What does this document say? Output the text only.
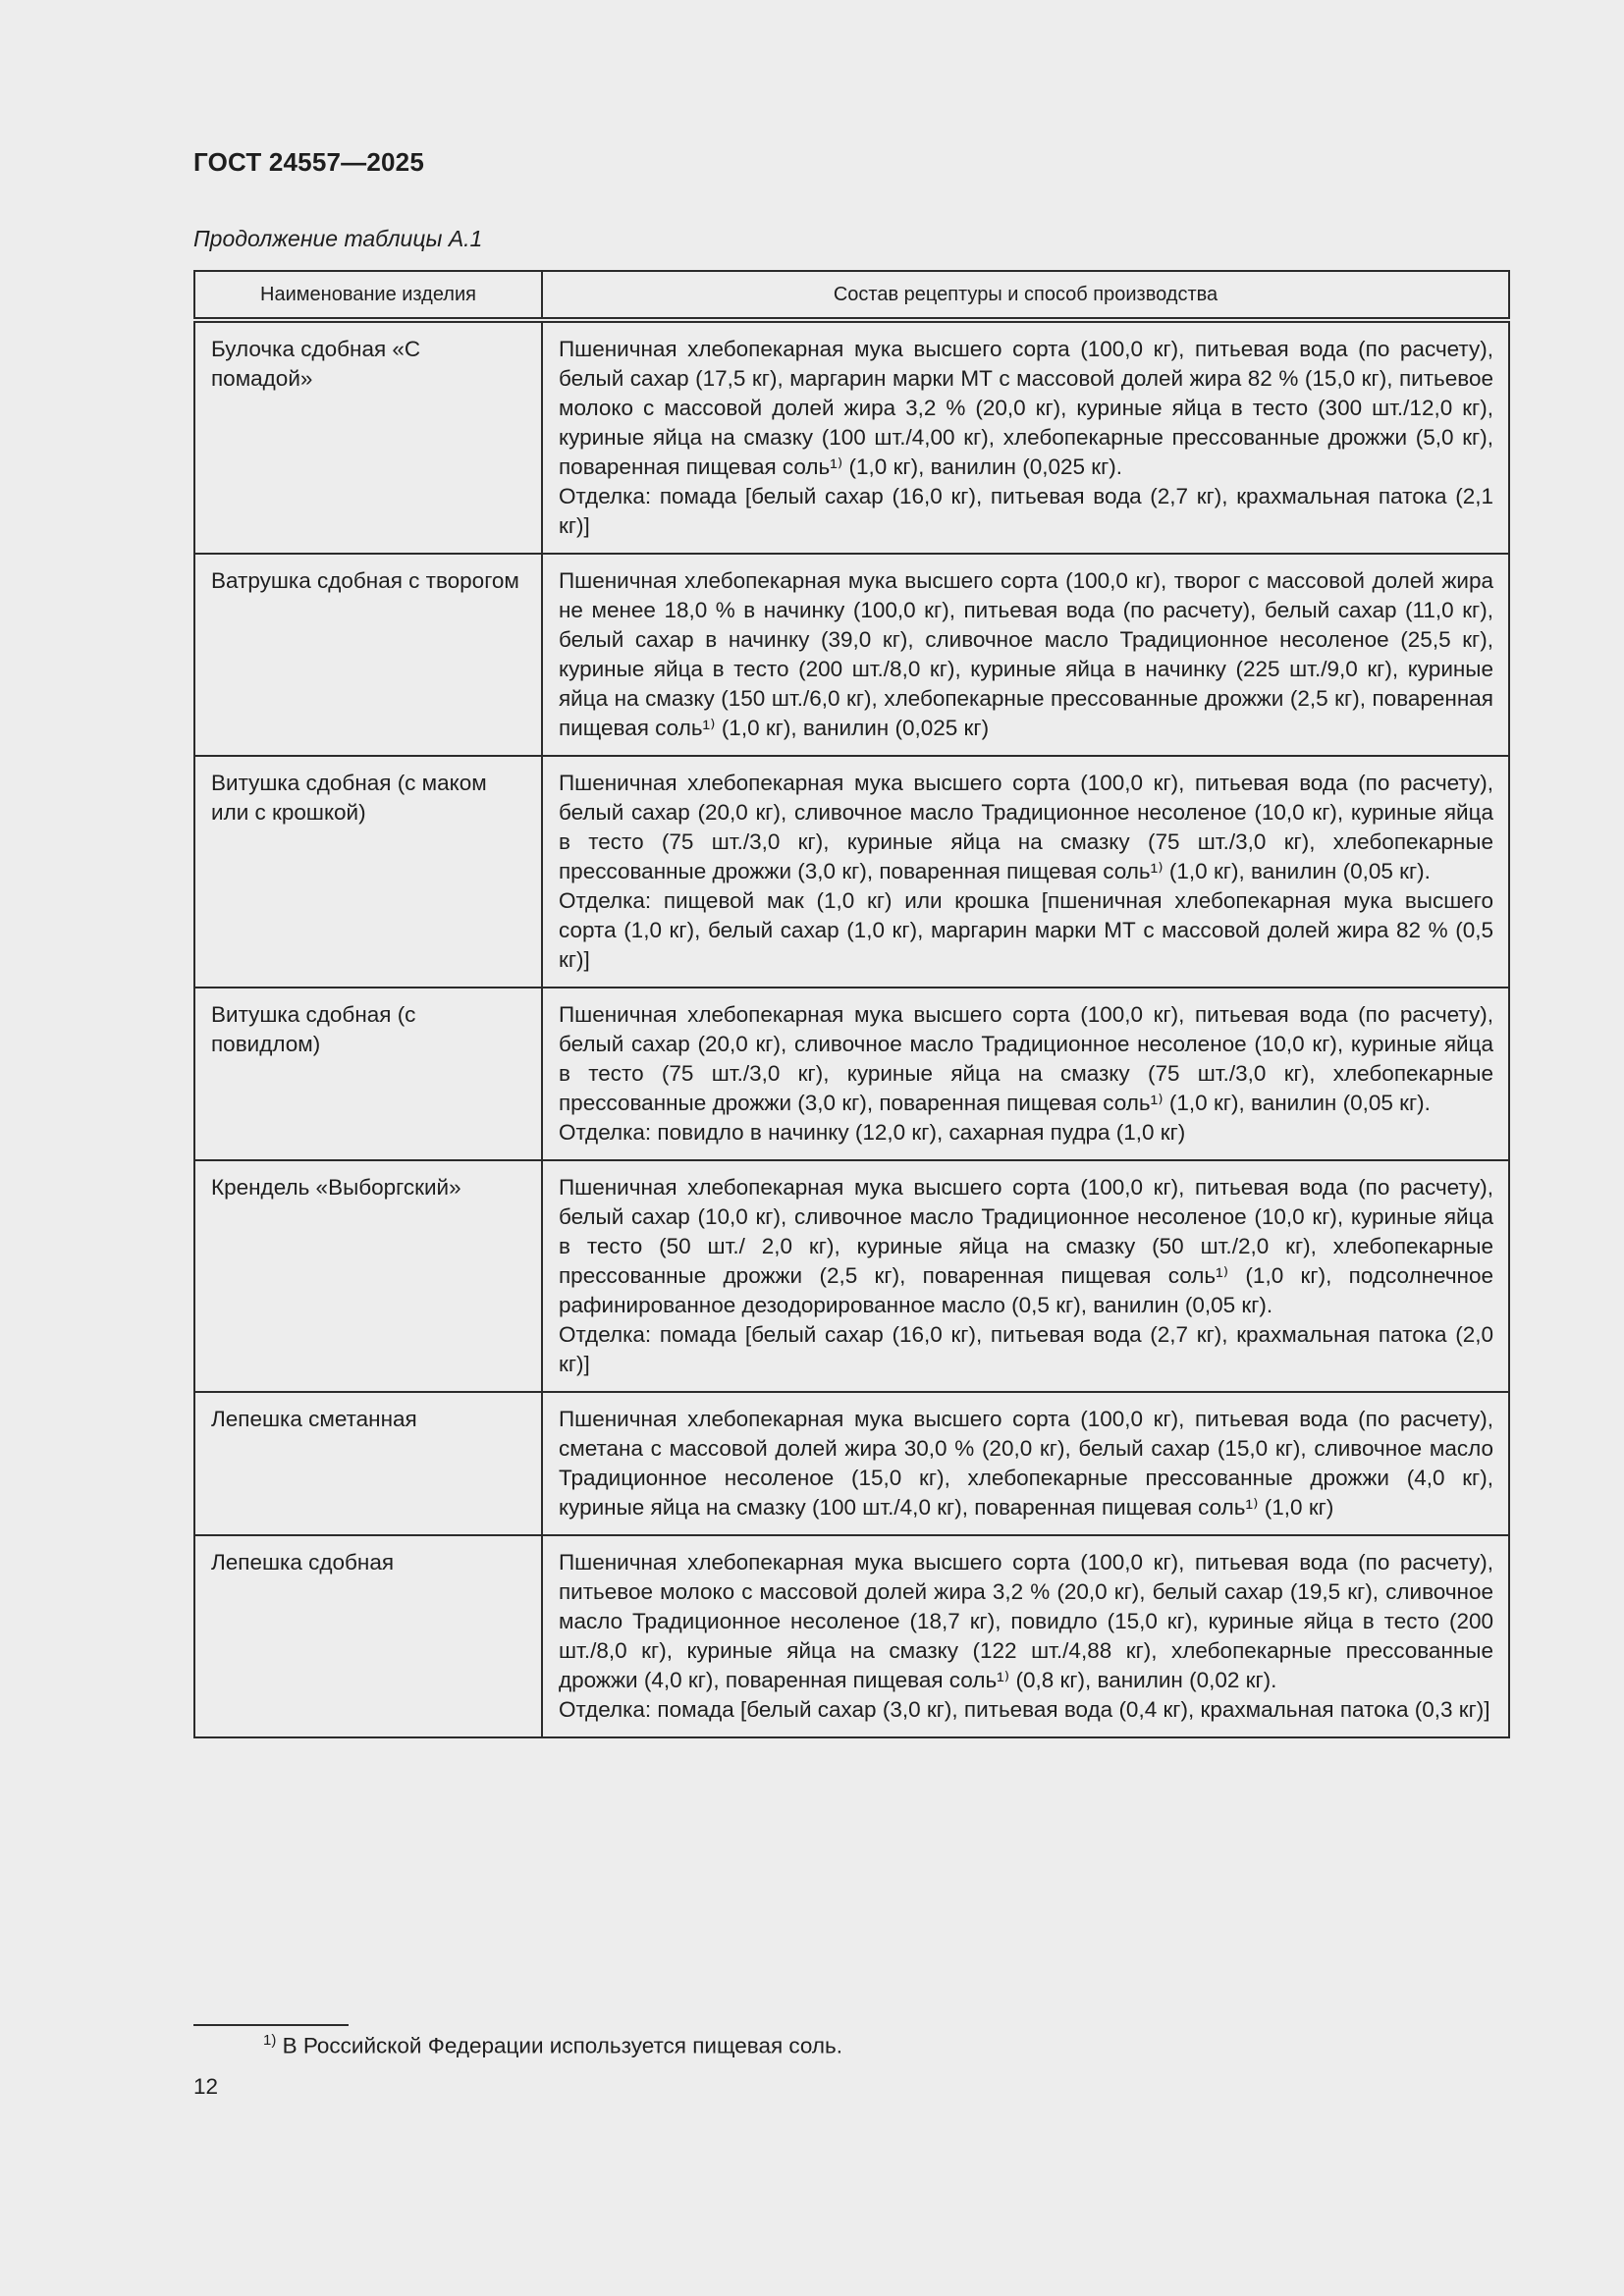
ГОСТ 24557—2025
Продолжение таблицы А.1
Наименование изделия	Состав рецептуры и способ производства
Булочка сдобная «С помадой»	Пшеничная хлебопекарная мука высшего сорта (100,0 кг), питьевая вода (по расчету), белый сахар (17,5 кг), маргарин марки МТ с массовой долей жира 82 % (15,0 кг), питьевое молоко с массовой долей жира 3,2 % (20,0 кг), куриные яйца в тесто (300 шт./12,0 кг), куриные яйца на смазку (100 шт./4,00 кг), хлебопекарные прессованные дрожжи (5,0 кг), поваренная пищевая соль¹⁾ (1,0 кг), ванилин (0,025 кг).

Отделка: помада [белый сахар (16,0 кг), питьевая вода (2,7 кг), крахмальная патока (2,1 кг)]

Ватрушка сдобная с творогом	Пшеничная хлебопекарная мука высшего сорта (100,0 кг), творог с массовой долей жира не менее 18,0 % в начинку (100,0 кг), питьевая вода (по расчету), белый сахар (11,0 кг), белый сахар в начинку (39,0 кг), сливочное масло Традиционное несоленое (25,5 кг), куриные яйца в тесто (200 шт./8,0 кг), куриные яйца в начинку (225 шт./9,0 кг), куриные яйца на смазку (150 шт./6,0 кг), хлебопекарные прессованные дрожжи (2,5 кг), поваренная пищевая соль¹⁾ (1,0 кг), ванилин (0,025 кг)

Витушка сдобная (с маком или с крошкой)	Пшеничная хлебопекарная мука высшего сорта (100,0 кг), питьевая вода (по расчету), белый сахар (20,0 кг), сливочное масло Традиционное несоленое (10,0 кг), куриные яйца в тесто (75 шт./3,0 кг), куриные яйца на смазку (75 шт./3,0 кг), хлебопекарные прессованные дрожжи (3,0 кг), поваренная пищевая соль¹⁾ (1,0 кг), ванилин (0,05 кг).

Отделка: пищевой мак (1,0 кг) или крошка [пшеничная хлебопекарная мука высшего сорта (1,0 кг), белый сахар (1,0 кг), маргарин марки МТ с массовой долей жира 82 % (0,5 кг)]

Витушка сдобная (с повидлом)	Пшеничная хлебопекарная мука высшего сорта (100,0 кг), питьевая вода (по расчету), белый сахар (20,0 кг), сливочное масло Традиционное несоленое (10,0 кг), куриные яйца в тесто (75 шт./3,0 кг), куриные яйца на смазку (75 шт./3,0 кг), хлебопекарные прессованные дрожжи (3,0 кг), поваренная пищевая соль¹⁾ (1,0 кг), ванилин (0,05 кг).

Отделка: повидло в начинку (12,0 кг), сахарная пудра (1,0 кг)

Крендель «Выборгский»	Пшеничная хлебопекарная мука высшего сорта (100,0 кг), питьевая вода (по расчету), белый сахар (10,0 кг), сливочное масло Традиционное несоленое (10,0 кг), куриные яйца в тесто (50 шт./ 2,0 кг), куриные яйца на смазку (50 шт./2,0 кг), хлебопекарные прессованные дрожжи (2,5 кг), поваренная пищевая соль¹⁾ (1,0 кг), подсолнечное рафинированное дезодорированное масло (0,5 кг), ванилин (0,05 кг).

Отделка: помада [белый сахар (16,0 кг), питьевая вода (2,7 кг), крахмальная патока (2,0 кг)]

Лепешка сметанная	Пшеничная хлебопекарная мука высшего сорта (100,0 кг), питьевая вода (по расчету), сметана с массовой долей жира 30,0 % (20,0 кг), белый сахар (15,0 кг), сливочное масло Традиционное несоленое (15,0 кг), хлебопекарные прессованные дрожжи (4,0 кг), куриные яйца на смазку (100 шт./4,0 кг), поваренная пищевая соль¹⁾ (1,0 кг)

Лепешка сдобная	Пшеничная хлебопекарная мука высшего сорта (100,0 кг), питьевая вода (по расчету), питьевое молоко с массовой долей жира 3,2 % (20,0 кг), белый сахар (19,5 кг), сливочное масло Традиционное несоленое (18,7 кг), повидло (15,0 кг), куриные яйца в тесто (200 шт./8,0 кг), куриные яйца на смазку (122 шт./4,88 кг), хлебопекарные прессованные дрожжи (4,0 кг), поваренная пищевая соль¹⁾ (0,8 кг), ванилин (0,02 кг).

Отделка: помада [белый сахар (3,0 кг), питьевая вода (0,4 кг), крахмальная патока (0,3 кг)]

$^{1)}$ В Российской Федерации используется пищевая соль.
12
